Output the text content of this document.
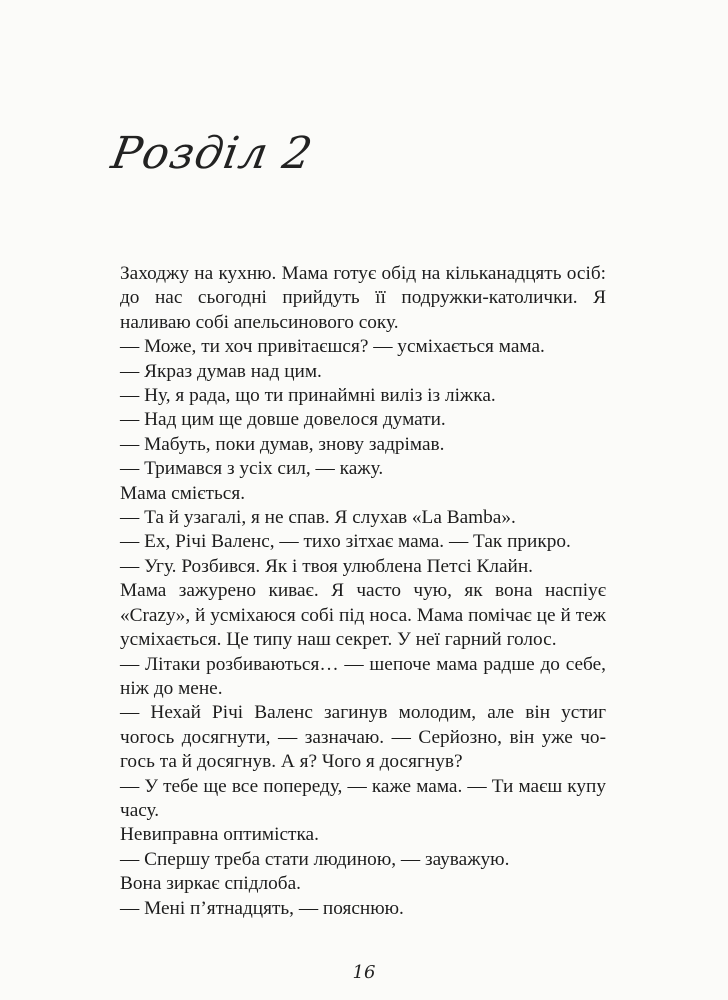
Розділ 2

Заходжу на кухню. Мама готує обід на кільканадцять осіб: до нас сьогодні прийдуть її подружки-католички. Я наливаю собі апельсинового соку.

— Може, ти хоч привітаєшся? — усміхається мама.

— Якраз думав над цим.

— Ну, я рада, що ти принаймні виліз із ліжка.

— Над цим ще довше довелося думати.

— Мабуть, поки думав, знову задрімав.

— Тримався з усіх сил, — кажу.

Мама сміється.

— Та й узагалі, я не спав. Я слухав «La Bamba».

— Ех, Річі Валенс, — тихо зітхає мама. — Так прикро.

— Угу. Розбився. Як і твоя улюблена Петсі Клайн.

Мама зажурено киває. Я часто чую, як вона наспіує «Crazy», й усміхаюся собі під носа. Мама помічає це й теж усміхається. Це типу наш секрет. У неї гарний голос.

— Літаки розбиваються… — шепоче мама радше до себе, ніж до мене.

— Нехай Річі Валенс загинув молодим, але він устиг чогось досягнути, — зазначаю. — Серйозно, він уже чогось та й досягнув. А я? Чого я досягнув?

— У тебе ще все попереду, — каже мама. — Ти маєш купу часу.

Невиправна оптимістка.

— Спершу треба стати людиною, — зауважую.

Вона зиркає спідлоба.

— Мені п’ятнадцять, — пояснюю.

16
